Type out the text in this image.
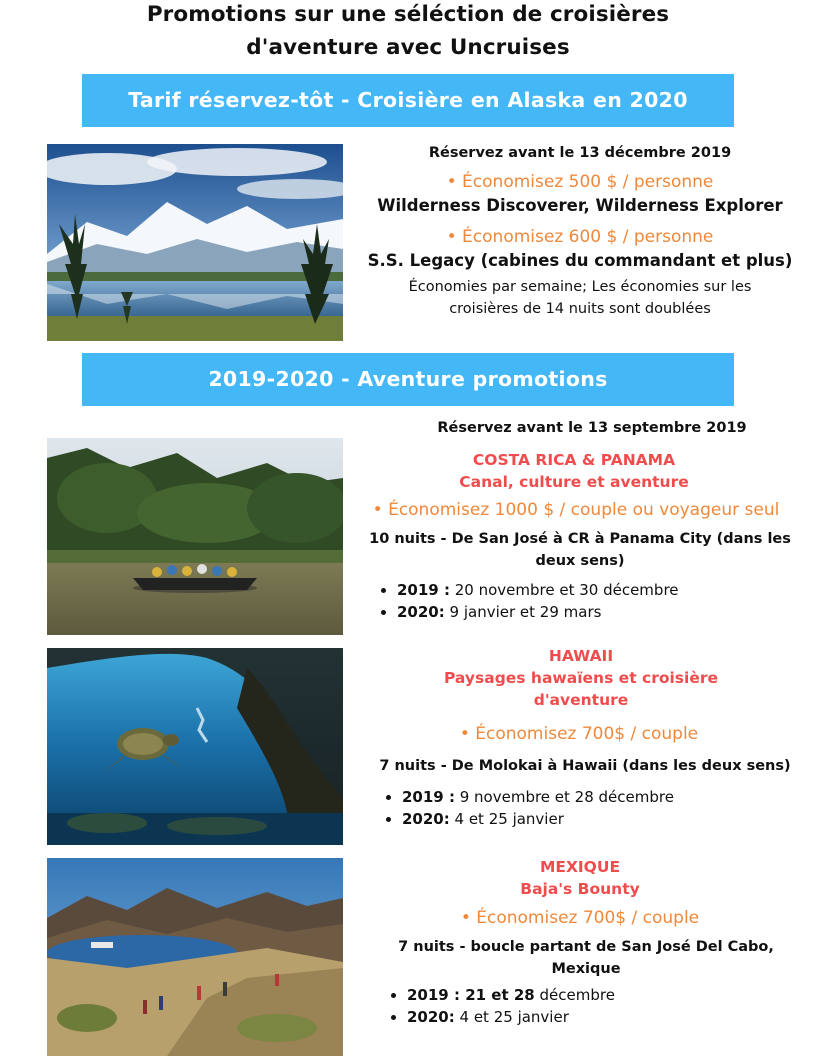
Promotions sur une séléction de croisières
d'aventure avec Uncruises
Tarif réservez-tôt - Croisière en Alaska en 2020
Réservez avant le 13 décembre 2019
• Économisez 500 $ / personne
Wilderness Discoverer, Wilderness Explorer
• Économisez 600 $ / personne
S.S. Legacy (cabines du commandant et plus)
Économies par semaine; Les économies sur les
croisières de 14 nuits sont doublées
2019-2020 - Aventure promotions
Réservez avant le 13 septembre 2019
COSTA RICA & PANAMA
Canal, culture et aventure
• Économisez 1000 $ / couple ou voyageur seul
10 nuits - De San José à CR à Panama City (dans les
deux sens)
• 2019 : 20 novembre et 30 décembre
• 2020: 9 janvier et 29 mars
HAWAII
Paysages hawaïens et croisière
d'aventure
• Économisez 700$ / couple
7 nuits - De Molokai à Hawaii (dans les deux sens)
• 2019 : 9 novembre et 28 décembre
• 2020: 4 et 25 janvier
MEXIQUE
Baja's Bounty
• Économisez 700$ / couple
7 nuits - boucle partant de San José Del Cabo,
Mexique
• 2019 : 21 et 28 décembre
• 2020: 4 et 25 janvier
